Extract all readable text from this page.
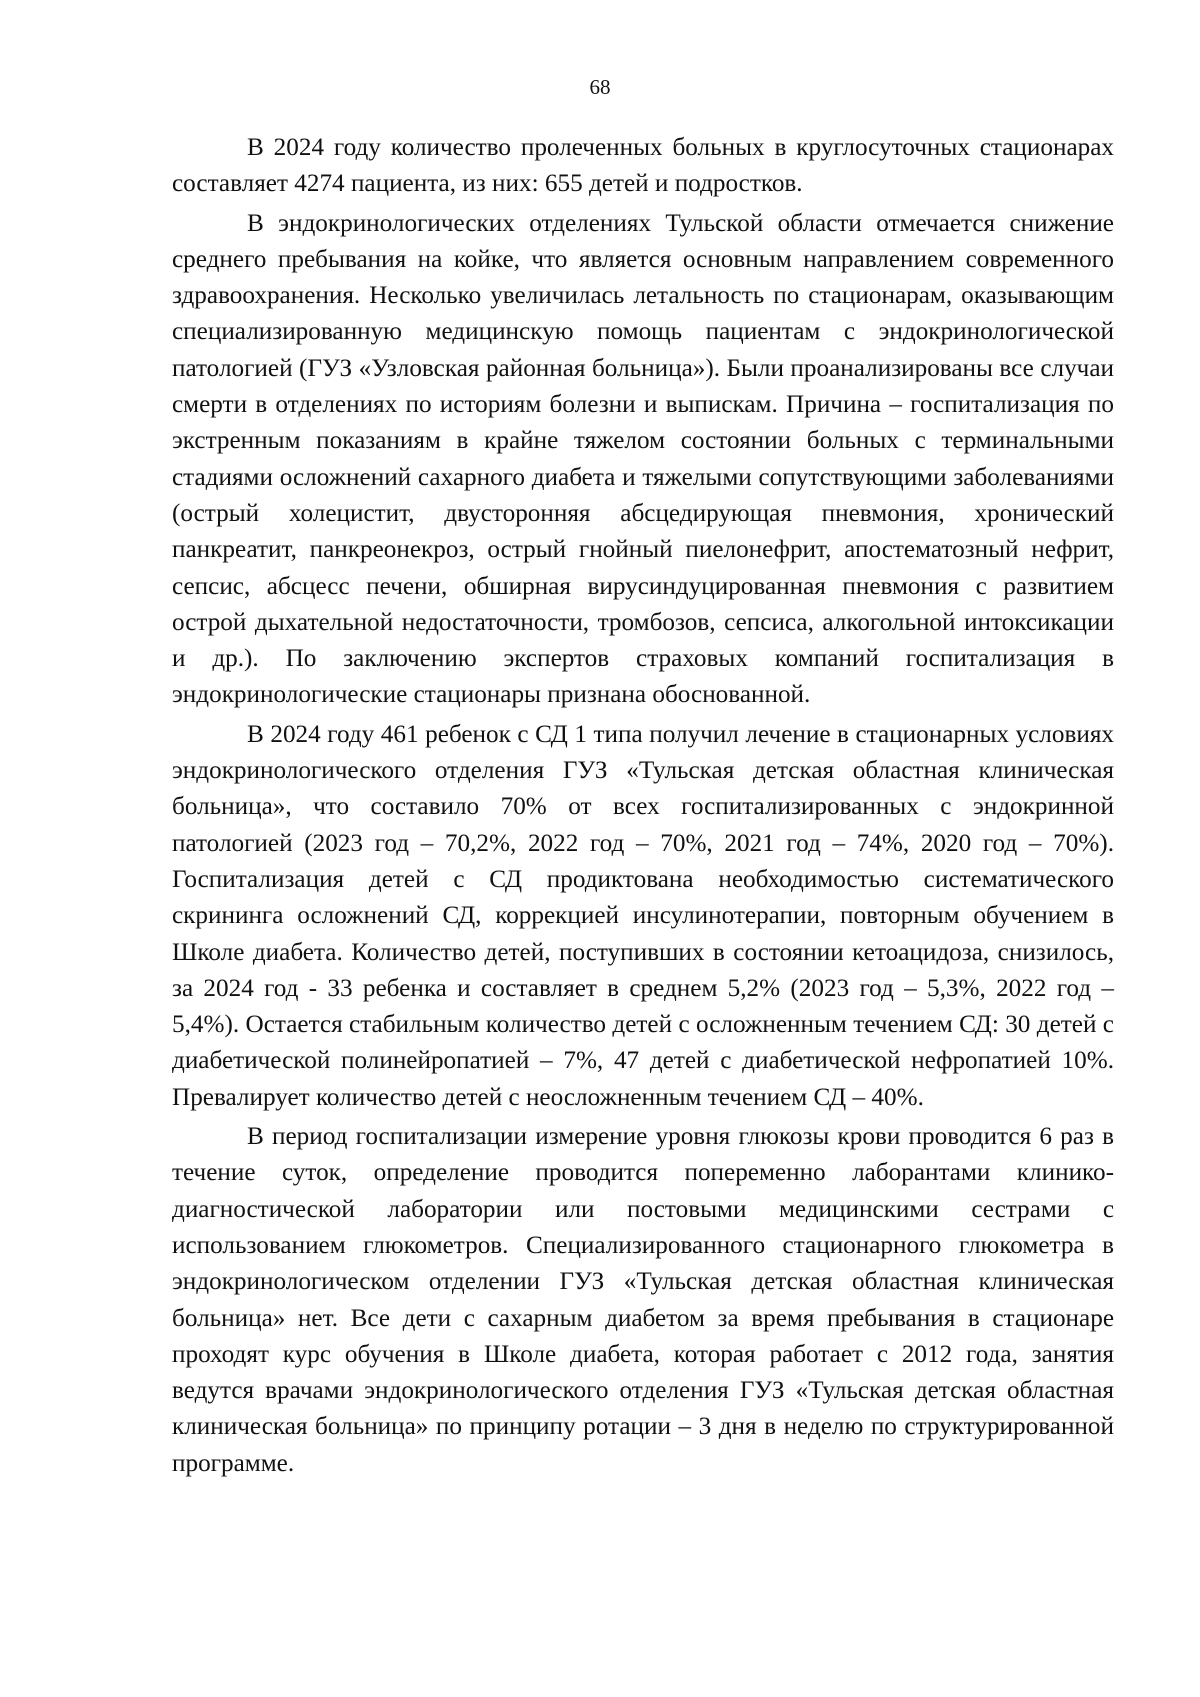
68

В 2024 году количество пролеченных больных в круглосуточных стационарах составляет 4274 пациента, из них: 655 детей и подростков.

В эндокринологических отделениях Тульской области отмечается снижение среднего пребывания на койке, что является основным направлением современного здравоохранения. Несколько увеличилась летальность по стационарам, оказывающим специализированную медицинскую помощь пациентам с эндокринологической патологией (ГУЗ «Узловская районная больница»). Были проанализированы все случаи смерти в отделениях по историям болезни и выпискам. Причина – госпитализация по экстренным показаниям в крайне тяжелом состоянии больных с терминальными стадиями осложнений сахарного диабета и тяжелыми сопутствующими заболеваниями (острый холецистит, двусторонняя абсцедирующая пневмония, хронический панкреатит, панкреонекроз, острый гнойный пиелонефрит, апостематозный нефрит, сепсис, абсцесс печени, обширная вирусиндуцированная пневмония с развитием острой дыхательной недостаточности, тромбозов, сепсиса, алкогольной интоксикации и др.). По заключению экспертов страховых компаний госпитализация в эндокринологические стационары признана обоснованной.

В 2024 году 461 ребенок с СД 1 типа получил лечение в стационарных условиях эндокринологического отделения ГУЗ «Тульская детская областная клиническая больница», что составило 70% от всех госпитализированных с эндокринной патологией (2023 год – 70,2%, 2022 год – 70%, 2021 год – 74%, 2020 год – 70%). Госпитализация детей с СД продиктована необходимостью систематического скрининга осложнений СД, коррекцией инсулинотерапии, повторным обучением в Школе диабета. Количество детей, поступивших в состоянии кетоацидоза, снизилось, за 2024 год - 33 ребенка и составляет в среднем 5,2% (2023 год – 5,3%, 2022 год – 5,4%). Остается стабильным количество детей с осложненным течением СД: 30 детей с диабетической полинейропатией – 7%, 47 детей с диабетической нефропатией 10%. Превалирует количество детей с неосложненным течением СД – 40%.

В период госпитализации измерение уровня глюкозы крови проводится 6 раз в течение суток, определение проводится попеременно лаборантами клинико-диагностической лаборатории или постовыми медицинскими сестрами с использованием глюкометров. Специализированного стационарного глюкометра в эндокринологическом отделении ГУЗ «Тульская детская областная клиническая больница» нет. Все дети с сахарным диабетом за время пребывания в стационаре проходят курс обучения в Школе диабета, которая работает с 2012 года, занятия ведутся врачами эндокринологического отделения ГУЗ «Тульская детская областная клиническая больница» по принципу ротации – 3 дня в неделю по структурированной программе.
